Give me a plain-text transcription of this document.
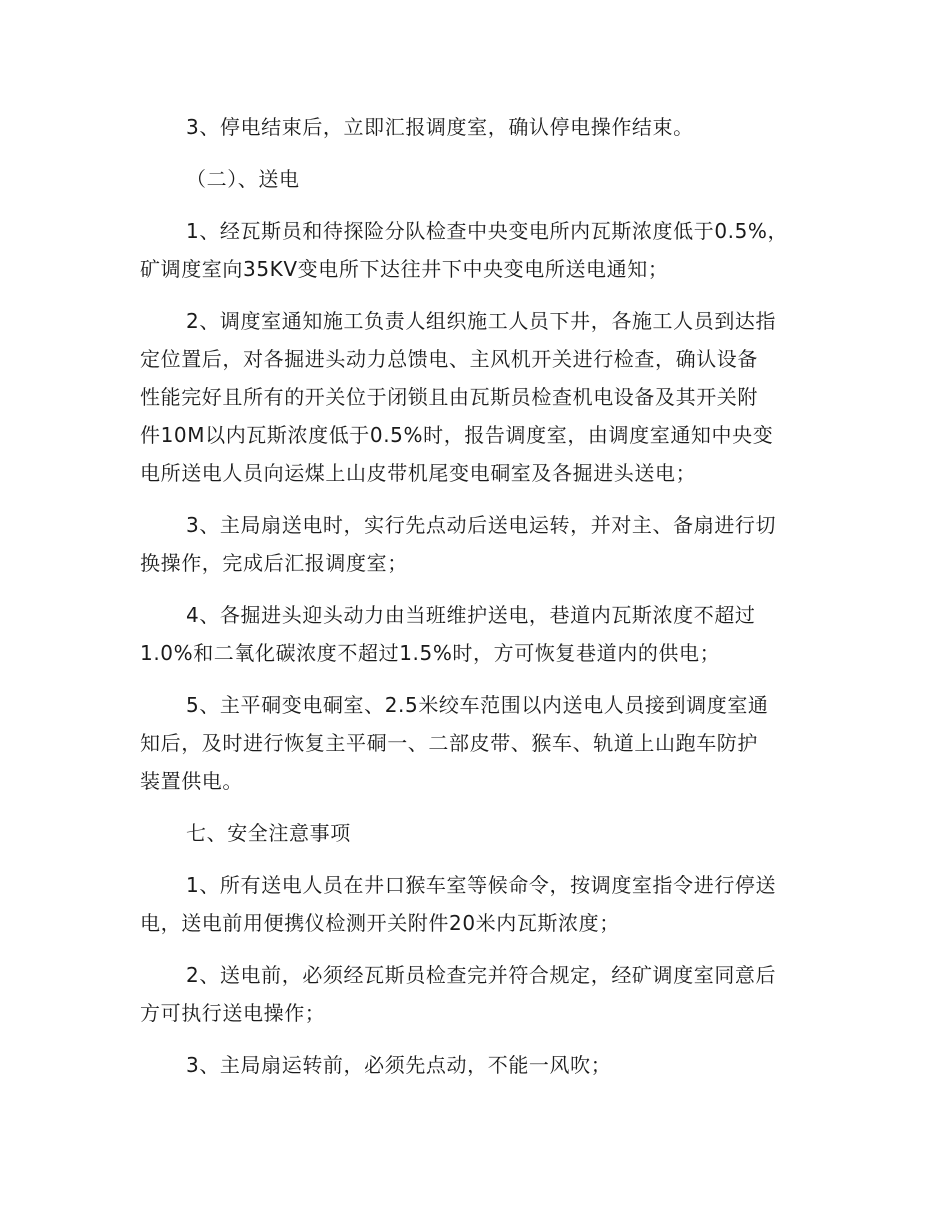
3、停电结束后，立即汇报调度室，确认停电操作结束。

（二）、送电

1、经瓦斯员和待探险分队检查中央变电所内瓦斯浓度低于0.5%，
矿调度室向35KV变电所下达往井下中央变电所送电通知；

2、调度室通知施工负责人组织施工人员下井，各施工人员到达指
定位置后，对各掘进头动力总馈电、主风机开关进行检查，确认设备
性能完好且所有的开关位于闭锁且由瓦斯员检查机电设备及其开关附
件10M以内瓦斯浓度低于0.5%时，报告调度室，由调度室通知中央变
电所送电人员向运煤上山皮带机尾变电硐室及各掘进头送电；

3、主局扇送电时，实行先点动后送电运转，并对主、备扇进行切
换操作，完成后汇报调度室；

4、各掘进头迎头动力由当班维护送电，巷道内瓦斯浓度不超过
1.0%和二氧化碳浓度不超过1.5%时，方可恢复巷道内的供电；

5、主平硐变电硐室、2.5米绞车范围以内送电人员接到调度室通
知后，及时进行恢复主平硐一、二部皮带、猴车、轨道上山跑车防护
装置供电。

七、安全注意事项

1、所有送电人员在井口猴车室等候命令，按调度室指令进行停送
电，送电前用便携仪检测开关附件20米内瓦斯浓度；

2、送电前，必须经瓦斯员检查完并符合规定，经矿调度室同意后
方可执行送电操作；

3、主局扇运转前，必须先点动，不能一风吹；
